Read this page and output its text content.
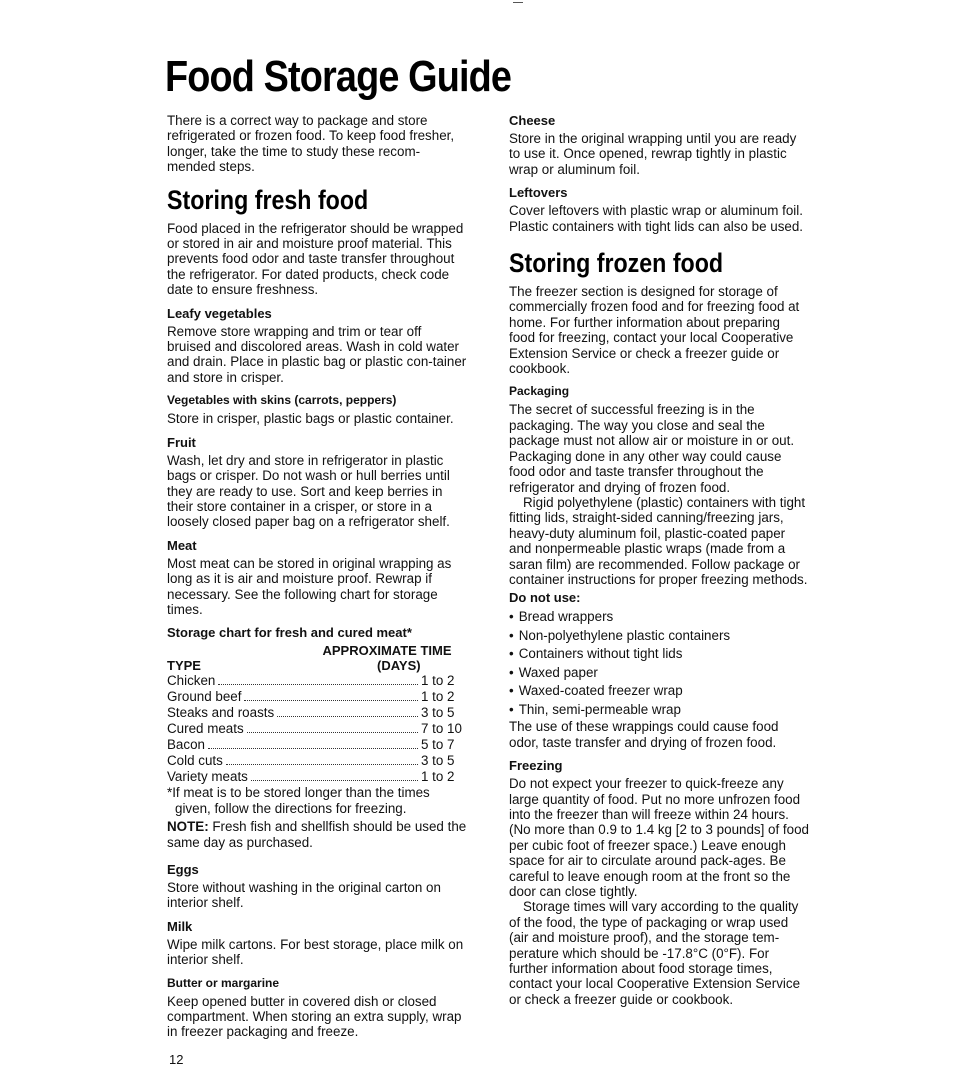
Food Storage Guide

There is a correct way to package and store refrigerated or frozen food. To keep food fresher, longer, take the time to study these recom-mended steps.

Storing fresh food

Food placed in the refrigerator should be wrapped or stored in air and moisture proof material. This prevents food odor and taste transfer throughout the refrigerator. For dated products, check code date to ensure freshness.

Leafy vegetables

Remove store wrapping and trim or tear off bruised and discolored areas. Wash in cold water and drain. Place in plastic bag or plastic con-tainer and store in crisper.

Vegetables with skins (carrots, peppers)

Store in crisper, plastic bags or plastic container.

Fruit

Wash, let dry and store in refrigerator in plastic bags or crisper. Do not wash or hull berries until they are ready to use. Sort and keep berries in their store container in a crisper, or store in a loosely closed paper bag on a refrigerator shelf.

Meat

Most meat can be stored in original wrapping as long as it is air and moisture proof. Rewrap if necessary. See the following chart for storage times.

Storage chart for fresh and cured meat*
APPROXIMATE TIME
TYPE	(DAYS)
Chicken	1 to 2
Ground beef	1 to 2
Steaks and roasts	3 to 5
Cured meats	7 to 10
Bacon	5 to 7
Cold cuts	3 to 5
Variety meats	1 to 2

*If meat is to be stored longer than the times given, follow the directions for freezing.

NOTE: Fresh fish and shellfish should be used the same day as purchased.

Eggs

Store without washing in the original carton on interior shelf.

Milk

Wipe milk cartons. For best storage, place milk on interior shelf.

Butter or margarine

Keep opened butter in covered dish or closed compartment. When storing an extra supply, wrap in freezer packaging and freeze.

Cheese

Store in the original wrapping until you are ready to use it. Once opened, rewrap tightly in plastic wrap or aluminum foil.

Leftovers

Cover leftovers with plastic wrap or aluminum foil. Plastic containers with tight lids can also be used.

Storing frozen food

The freezer section is designed for storage of commercially frozen food and for freezing food at home. For further information about preparing food for freezing, contact your local Cooperative Extension Service or check a freezer guide or cookbook.

Packaging

The secret of successful freezing is in the packaging. The way you close and seal the package must not allow air or moisture in or out. Packaging done in any other way could cause food odor and taste transfer throughout the refrigerator and drying of frozen food.

Rigid polyethylene (plastic) containers with tight fitting lids, straight-sided canning/freezing jars, heavy-duty aluminum foil, plastic-coated paper and nonpermeable plastic wraps (made from a saran film) are recommended. Follow package or container instructions for proper freezing methods.

Do not use:
• Bread wrappers
• Non-polyethylene plastic containers
• Containers without tight lids
• Waxed paper
• Waxed-coated freezer wrap
• Thin, semi-permeable wrap

The use of these wrappings could cause food odor, taste transfer and drying of frozen food.

Freezing

Do not expect your freezer to quick-freeze any large quantity of food. Put no more unfrozen food into the freezer than will freeze within 24 hours. (No more than 0.9 to 1.4 kg [2 to 3 pounds] of food per cubic foot of freezer space.) Leave enough space for air to circulate around pack-ages. Be careful to leave enough room at the front so the door can close tightly.

Storage times will vary according to the quality of the food, the type of packaging or wrap used (air and moisture proof), and the storage tem-perature which should be -17.8°C (0°F). For further information about food storage times, contact your local Cooperative Extension Service or check a freezer guide or cookbook.

12
